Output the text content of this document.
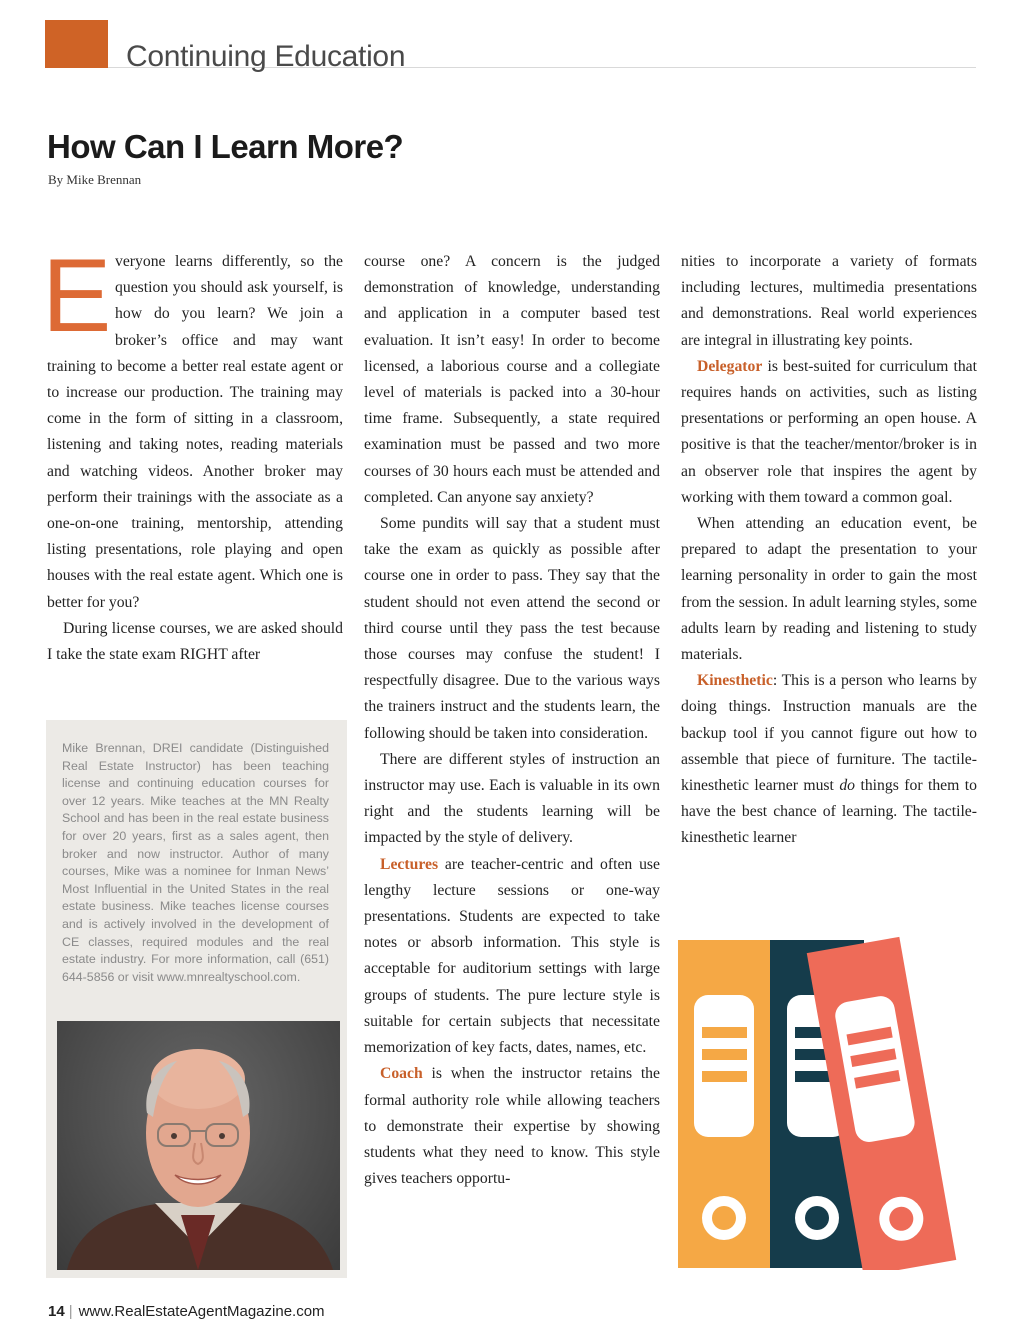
Continuing Education
How Can I Learn More?
By Mike Brennan

Everyone learns differently, so the question you should ask yourself, is how do you learn? We join a broker’s office and may want training to become a better real estate agent or to increase our production. The training may come in the form of sitting in a classroom, listening and taking notes, reading materials and watching videos. Another broker may perform their trainings with the associate as a one-on-one training, mentorship, attending listing presentations, role playing and open houses with the real estate agent. Which one is better for you?

During license courses, we are asked should I take the state exam RIGHT after

course one? A concern is the judged demonstration of knowledge, understanding and application in a computer based test evaluation. It isn’t easy! In order to become licensed, a laborious course and a collegiate level of materials is packed into a 30-hour time frame. Subsequently, a state required examination must be passed and two more courses of 30 hours each must be attended and completed. Can anyone say anxiety?

Some pundits will say that a student must take the exam as quickly as possible after course one in order to pass. They say that the student should not even attend the second or third course until they pass the test because those courses may confuse the student! I respectfully disagree. Due to the various ways the trainers instruct and the students learn, the following should be taken into consideration.

There are different styles of instruction an instructor may use. Each is valuable in its own right and the students learning will be impacted by the style of delivery.

Lectures are teacher-centric and often use lengthy lecture sessions or one-way presentations. Students are expected to take notes or absorb information. This style is acceptable for auditorium settings with large groups of students. The pure lecture style is suitable for certain subjects that necessitate memorization of key facts, dates, names, etc.

Coach is when the instructor retains the formal authority role while allowing teachers to demonstrate their expertise by showing students what they need to know. This style gives teachers opportu-

nities to incorporate a variety of formats including lectures, multimedia presentations and demonstrations. Real world experiences are integral in illustrating key points.

Delegator is best-suited for curriculum that requires hands on activities, such as listing presentations or performing an open house. A positive is that the teacher/mentor/broker is in an observer role that inspires the agent by working with them toward a common goal.

When attending an education event, be prepared to adapt the presentation to your learning personality in order to gain the most from the session. In adult learning styles, some adults learn by reading and listening to study materials.

Kinesthetic: This is a person who learns by doing things. Instruction manuals are the backup tool if you cannot figure out how to assemble that piece of furniture. The tactile-kinesthetic learner must do things for them to have the best chance of learning. The tactile-kinesthetic learner

Mike Brennan, DREI candidate (Distinguished Real Estate Instructor) has been teaching license and continuing education courses for over 12 years. Mike teaches at the MN Realty School and has been in the real estate business for over 20 years, first as a sales agent, then broker and now instructor. Author of many courses, Mike was a nominee for Inman News’ Most Influential in the United States in the real estate business. Mike teaches license courses and is actively involved in the development of CE classes, required modules and the real estate industry. For more information, call (651) 644-5856 or visit www.mnrealtyschool.com.

14 | www.RealEstateAgentMagazine.com
